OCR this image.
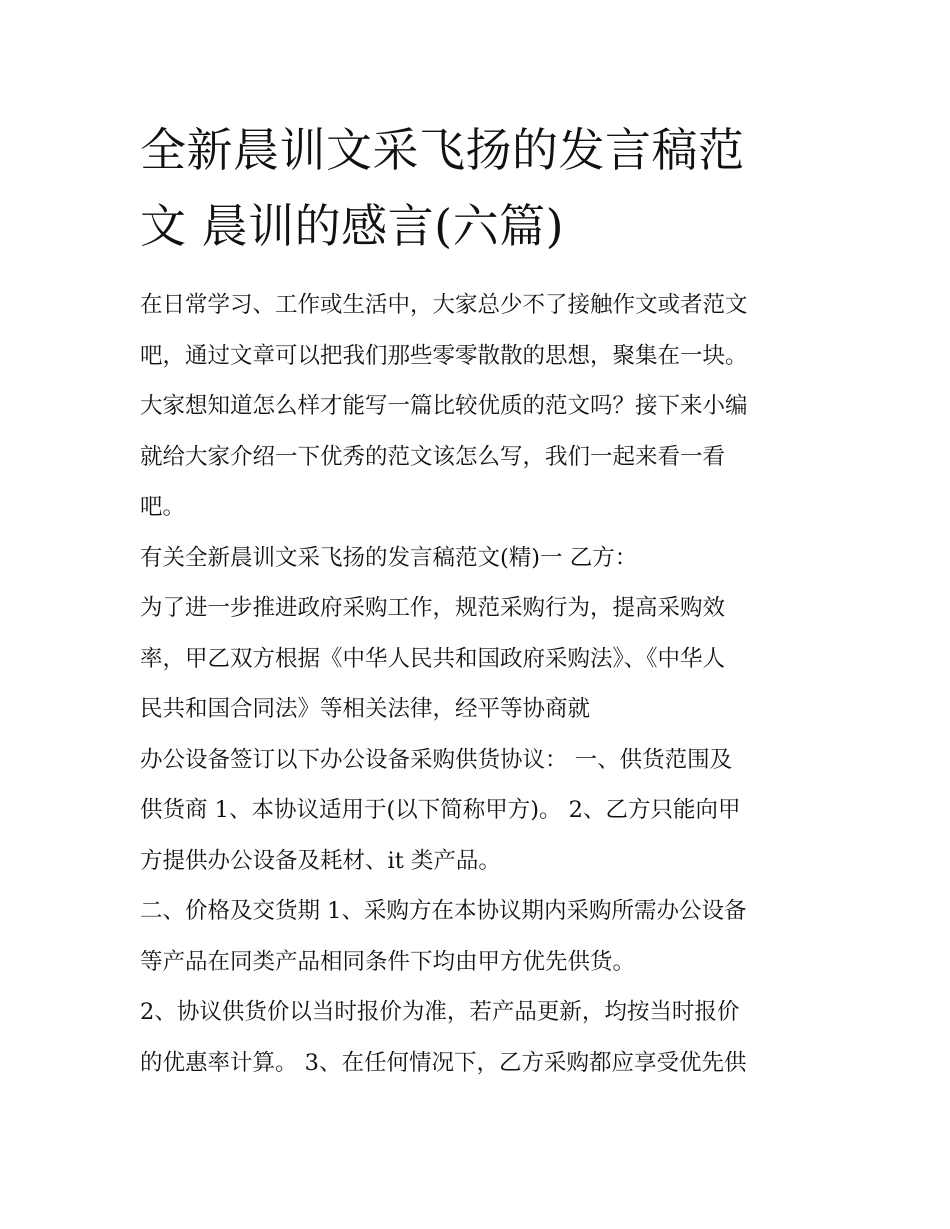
全新晨训文采飞扬的发言稿范
文 晨训的感言(六篇)

在日常学习、工作或生活中，大家总少不了接触作文或者范文
吧，通过文章可以把我们那些零零散散的思想，聚集在一块。
大家想知道怎么样才能写一篇比较优质的范文吗？接下来小编
就给大家介绍一下优秀的范文该怎么写，我们一起来看一看
吧。

有关全新晨训文采飞扬的发言稿范文(精)一 乙方：

为了进一步推进政府采购工作，规范采购行为，提高采购效
率，甲乙双方根据《中华人民共和国政府采购法》、《中华人
民共和国合同法》等相关法律，经平等协商就

办公设备签订以下办公设备采购供货协议： 一、供货范围及
供货商 1、本协议适用于(以下简称甲方)。 2、乙方只能向甲
方提供办公设备及耗材、it 类产品。

二、价格及交货期 1、采购方在本协议期内采购所需办公设备
等产品在同类产品相同条件下均由甲方优先供货。

2、协议供货价以当时报价为准，若产品更新，均按当时报价
的优惠率计算。 3、在任何情况下，乙方采购都应享受优先供
